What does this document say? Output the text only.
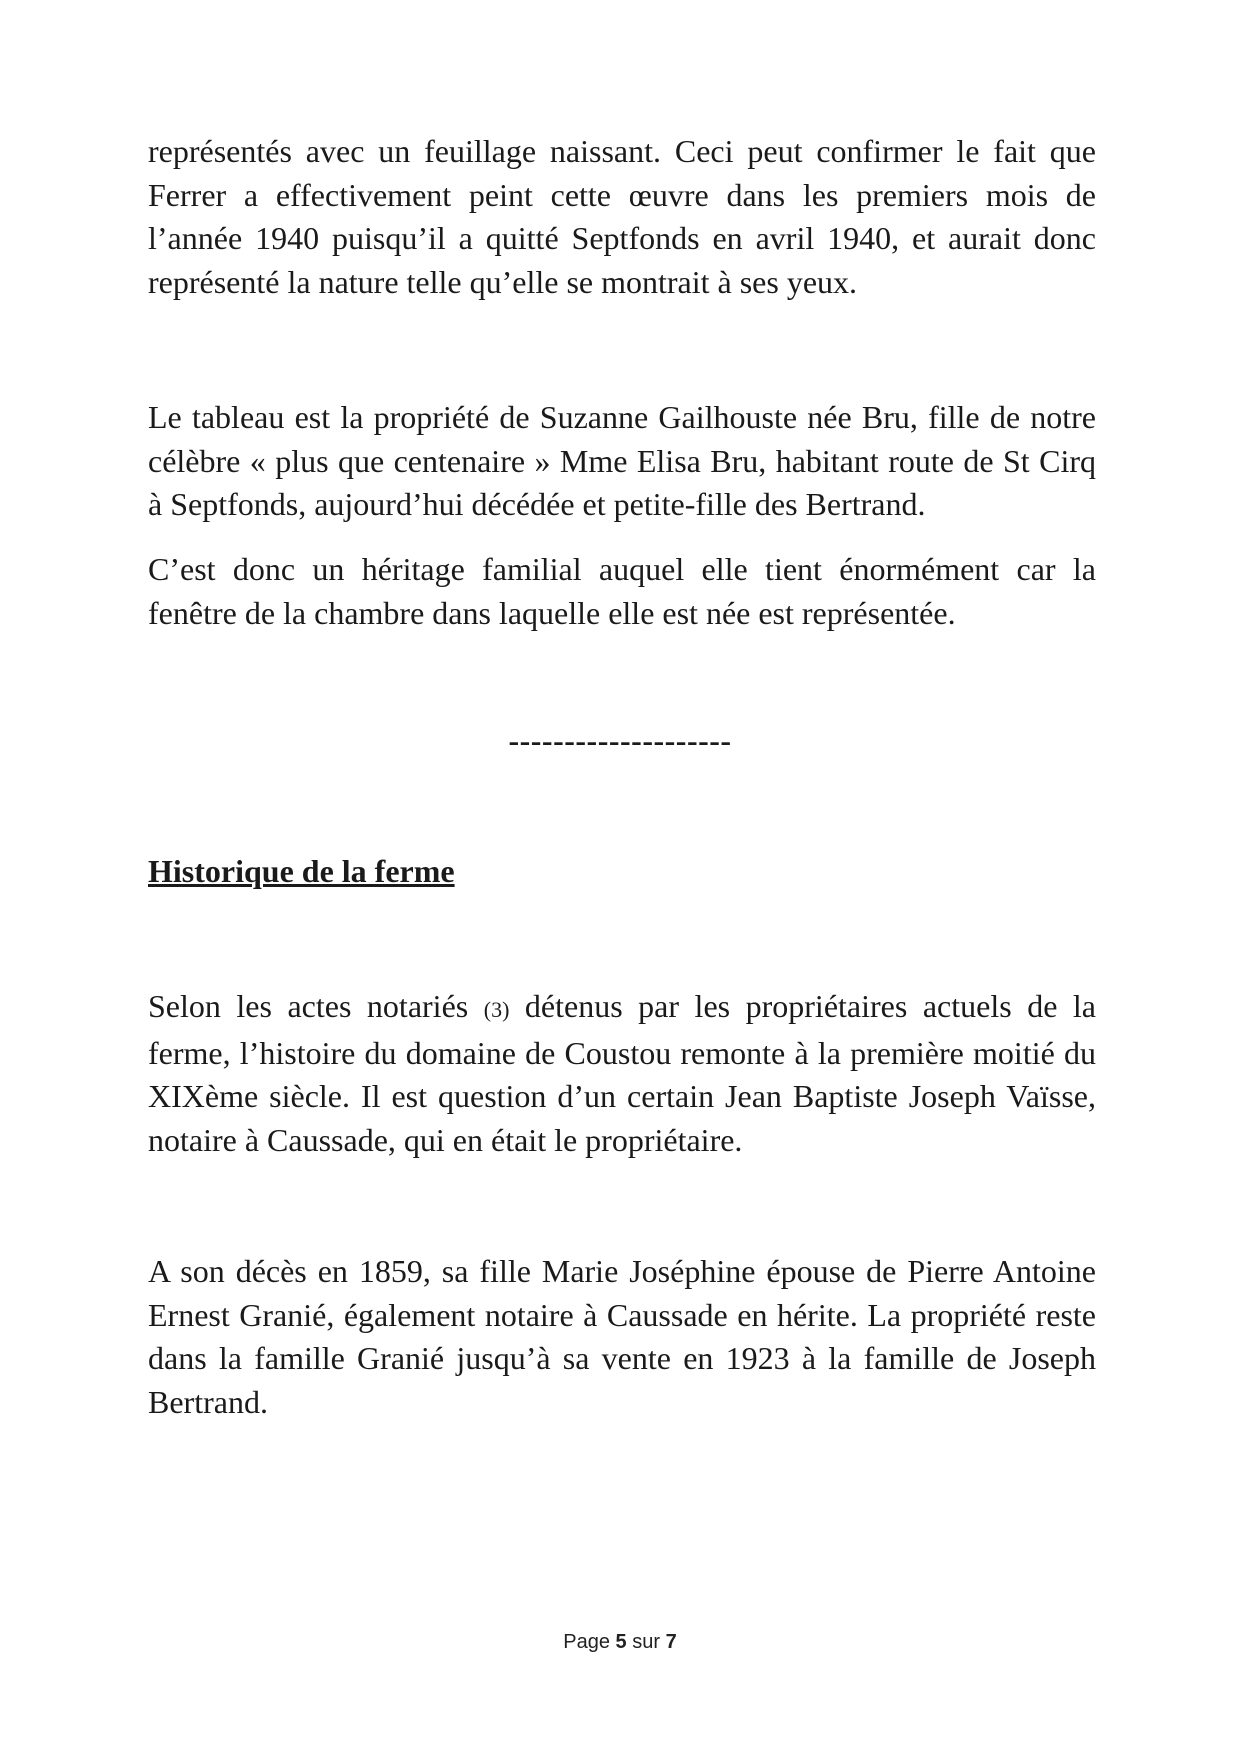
représentés avec un feuillage naissant. Ceci peut confirmer le fait que Ferrer a effectivement peint cette œuvre dans les premiers mois de l’année 1940 puisqu’il a quitté Septfonds en avril 1940, et aurait donc représenté la nature telle qu’elle se montrait à ses yeux.

Le tableau est la propriété de Suzanne Gailhouste née Bru, fille de notre célèbre « plus que centenaire » Mme Elisa Bru, habitant route de St Cirq à Septfonds, aujourd’hui décédée et petite-fille des Bertrand.

C’est donc un héritage familial auquel elle tient énormément car la fenêtre de la chambre dans laquelle elle est née est représentée.

--------------------
Historique de la ferme

Selon les actes notariés (3) détenus par les propriétaires actuels de la ferme, l’histoire du domaine de Coustou remonte à la première moitié du XIXème siècle. Il est question d’un certain Jean Baptiste Joseph Vaïsse, notaire à Caussade, qui en était le propriétaire.

A son décès en 1859, sa fille Marie Joséphine épouse de Pierre Antoine Ernest Granié, également notaire à Caussade en hérite. La propriété reste dans la famille Granié jusqu’à sa vente en 1923 à la famille de Joseph Bertrand.

Page 5 sur 7
